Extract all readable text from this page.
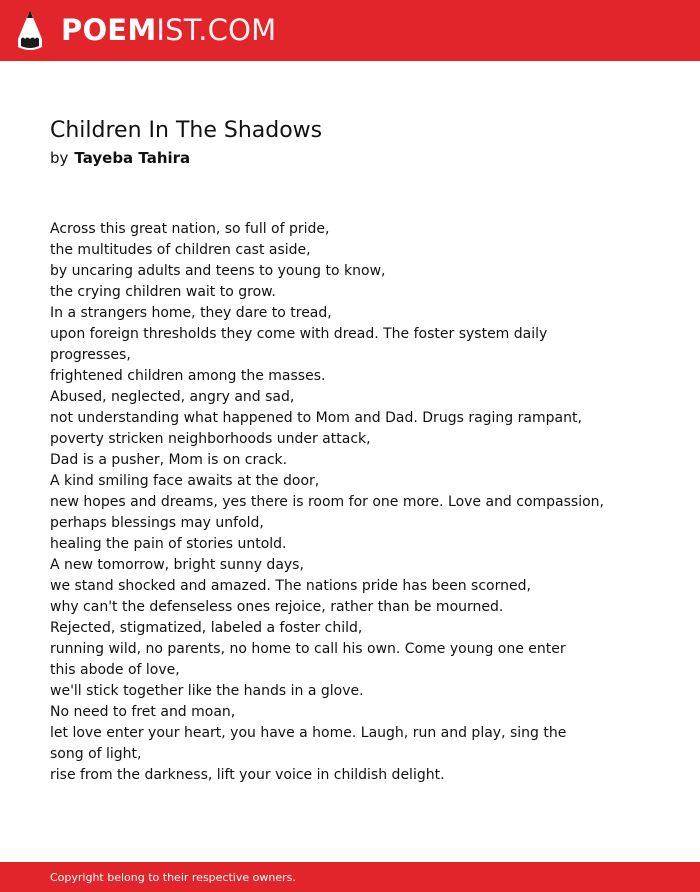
POEMIST.COM
Children In The Shadows
by Tayeba Tahira
Across this great nation, so full of pride,
the multitudes of children cast aside,
by uncaring adults and teens to young to know,
the crying children wait to grow.
In a strangers home, they dare to tread,
upon foreign thresholds they come with dread. The foster system daily
progresses,
frightened children among the masses.
Abused, neglected, angry and sad,
not understanding what happened to Mom and Dad. Drugs raging rampant,
poverty stricken neighborhoods under attack,
Dad is a pusher, Mom is on crack.
A kind smiling face awaits at the door,
new hopes and dreams, yes there is room for one more. Love and compassion,
perhaps blessings may unfold,
healing the pain of stories untold.
A new tomorrow, bright sunny days,
we stand shocked and amazed. The nations pride has been scorned,
why can't the defenseless ones rejoice, rather than be mourned.
Rejected, stigmatized, labeled a foster child,
running wild, no parents, no home to call his own. Come young one enter
this abode of love,
we'll stick together like the hands in a glove.
No need to fret and moan,
let love enter your heart, you have a home. Laugh, run and play, sing the
song of light,
rise from the darkness, lift your voice in childish delight.
Copyright belong to their respective owners.
